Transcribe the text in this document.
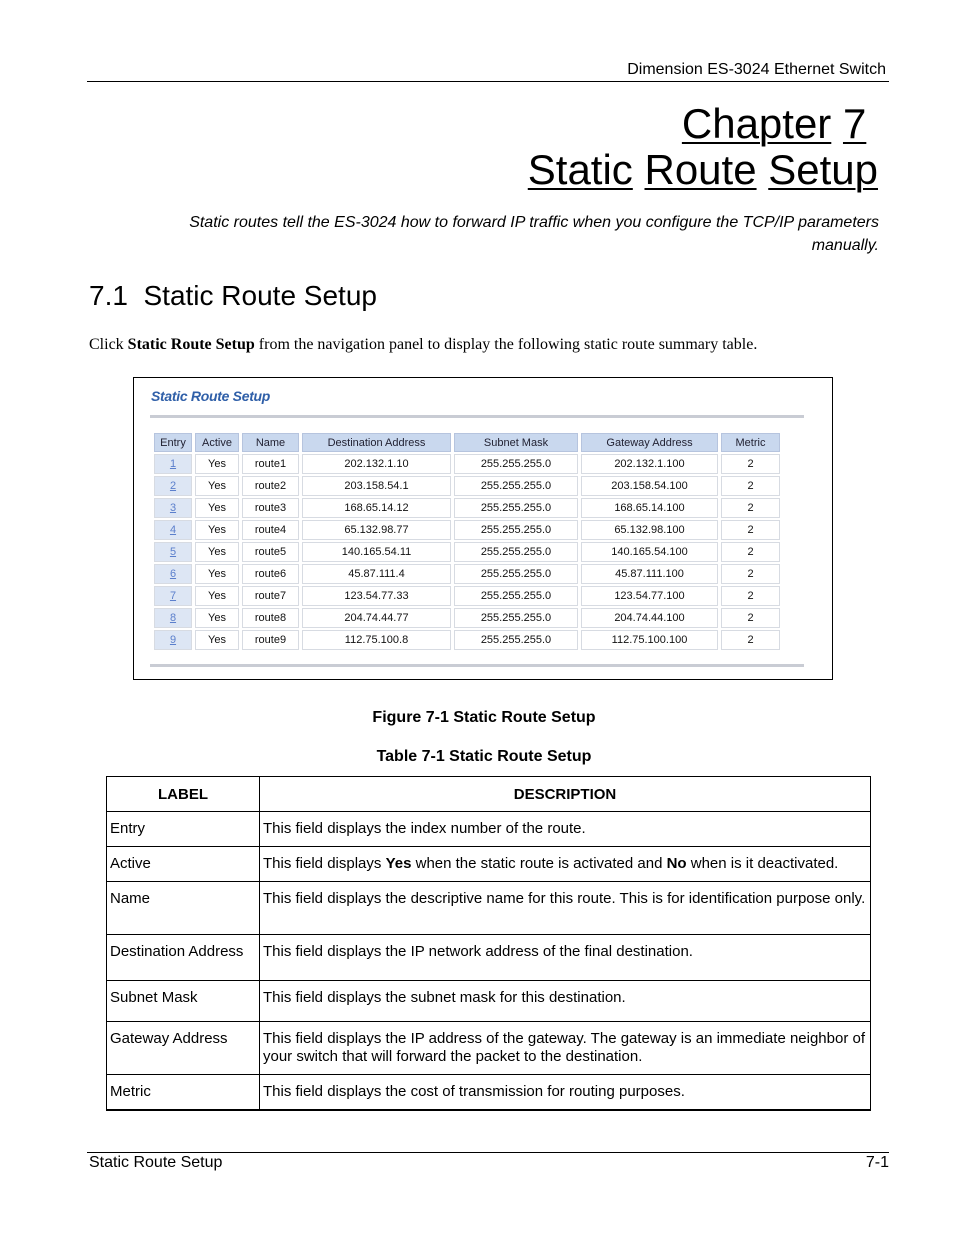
Dimension ES-3024 Ethernet Switch
Chapter 7
Static Route Setup
Static routes tell the ES-3024 how to forward IP traffic when you configure the TCP/IP parameters manually.
7.1 Static Route Setup
Click Static Route Setup from the navigation panel to display the following static route summary table.
Static Route Setup
Entry	Active	Name	Destination Address	Subnet Mask	Gateway Address	Metric
1	Yes	route1	202.132.1.10	255.255.255.0	202.132.1.100	2
2	Yes	route2	203.158.54.1	255.255.255.0	203.158.54.100	2
3	Yes	route3	168.65.14.12	255.255.255.0	168.65.14.100	2
4	Yes	route4	65.132.98.77	255.255.255.0	65.132.98.100	2
5	Yes	route5	140.165.54.11	255.255.255.0	140.165.54.100	2
6	Yes	route6	45.87.111.4	255.255.255.0	45.87.111.100	2
7	Yes	route7	123.54.77.33	255.255.255.0	123.54.77.100	2
8	Yes	route8	204.74.44.77	255.255.255.0	204.74.44.100	2
9	Yes	route9	112.75.100.8	255.255.255.0	112.75.100.100	2
Figure 7-1 Static Route Setup
Table 7-1 Static Route Setup
LABEL	DESCRIPTION
Entry	This field displays the index number of the route.
Active	This field displays Yes when the static route is activated and No when is it deactivated.
Name	This field displays the descriptive name for this route. This is for identification purpose only.
Destination Address	This field displays the IP network address of the final destination.
Subnet Mask	This field displays the subnet mask for this destination.
Gateway Address	This field displays the IP address of the gateway. The gateway is an immediate neighbor of your switch that will forward the packet to the destination.
Metric	This field displays the cost of transmission for routing purposes.
Static Route Setup	7-1
